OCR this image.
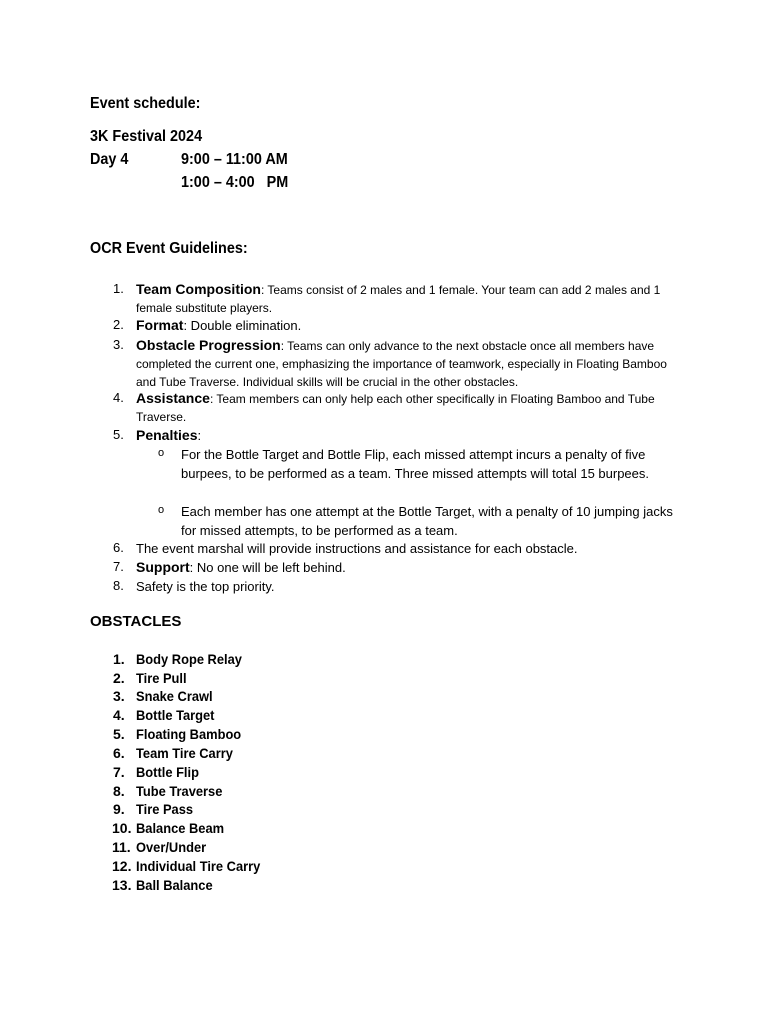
Event schedule:
3K Festival 2024
Day 4	9:00 – 11:00 AM
1:00 – 4:00   PM
OCR Event Guidelines:
1. Team Composition: Teams consist of 2 males and 1 female. Your team can add 2 males and 1 female substitute players.
2. Format: Double elimination.
3. Obstacle Progression: Teams can only advance to the next obstacle once all members have completed the current one, emphasizing the importance of teamwork, especially in Floating Bamboo and Tube Traverse. Individual skills will be crucial in the other obstacles.
4. Assistance: Team members can only help each other specifically in Floating Bamboo and Tube Traverse.
5. Penalties:
o For the Bottle Target and Bottle Flip, each missed attempt incurs a penalty of five burpees, to be performed as a team. Three missed attempts will total 15 burpees.
o Each member has one attempt at the Bottle Target, with a penalty of 10 jumping jacks for missed attempts, to be performed as a team.
6. The event marshal will provide instructions and assistance for each obstacle.
7. Support: No one will be left behind.
8. Safety is the top priority.
OBSTACLES
1. Body Rope Relay
2. Tire Pull
3. Snake Crawl
4. Bottle Target
5. Floating Bamboo
6. Team Tire Carry
7. Bottle Flip
8. Tube Traverse
9. Tire Pass
10. Balance Beam
11. Over/Under
12. Individual Tire Carry
13. Ball Balance
